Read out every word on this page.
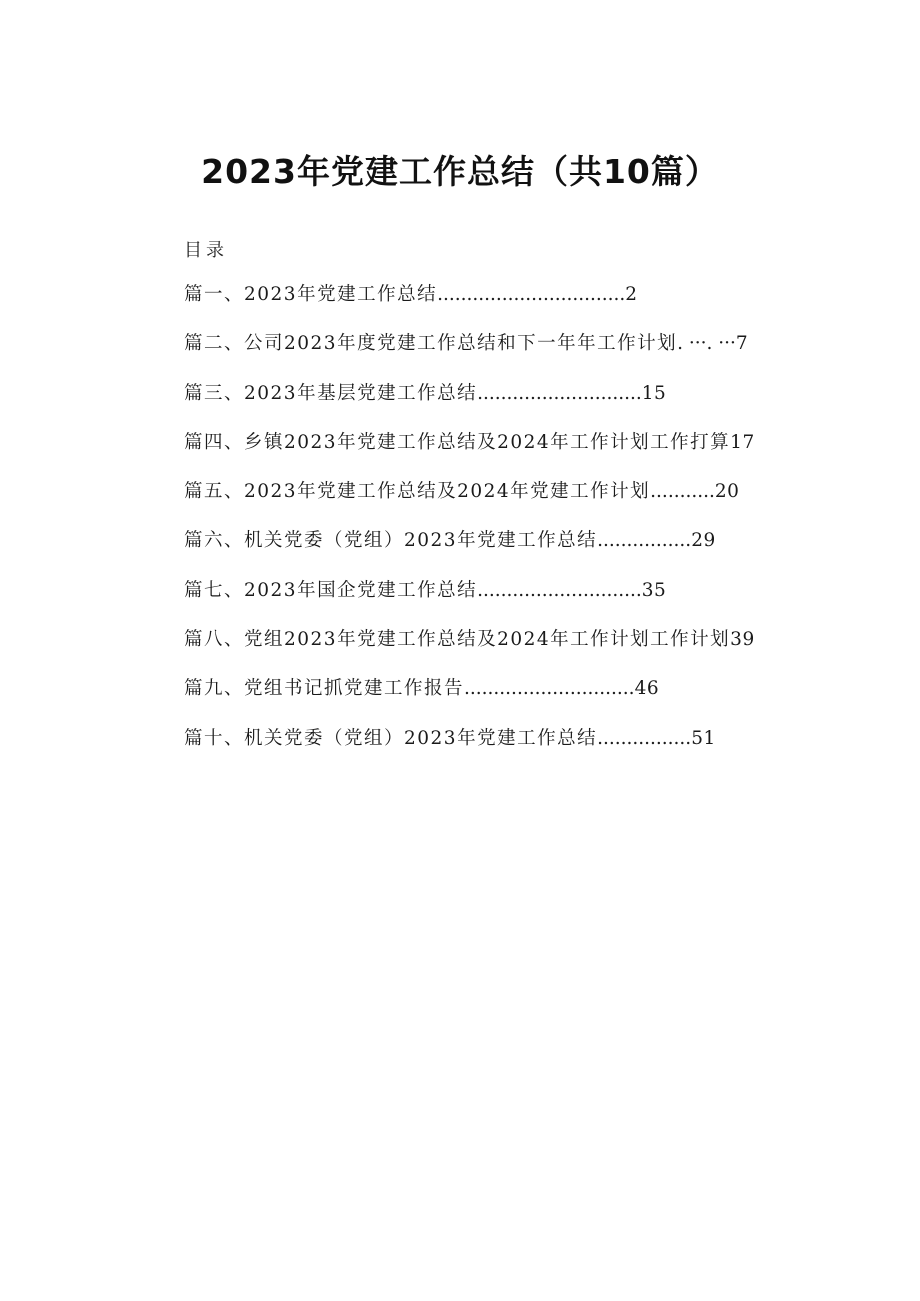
2023年党建工作总结（共10篇）
目录
篇一、2023年党建工作总结 ................................ 2
篇二、公司2023年度党建工作总结和下一年年工作计划 . ···. ··· 7
篇三、2023年基层党建工作总结 ............................ 15
篇四、乡镇2023年党建工作总结及2024年工作计划工作打算 17
篇五、2023年党建工作总结及2024年党建工作计划 ........... 20
篇六、机关党委（党组）2023年党建工作总结 ................ 29
篇七、2023年国企党建工作总结 ............................ 35
篇八、党组2023年党建工作总结及2024年工作计划工作计划 39
篇九、党组书记抓党建工作报告 ............................. 46
篇十、机关党委（党组）2023年党建工作总结 ................ 51
